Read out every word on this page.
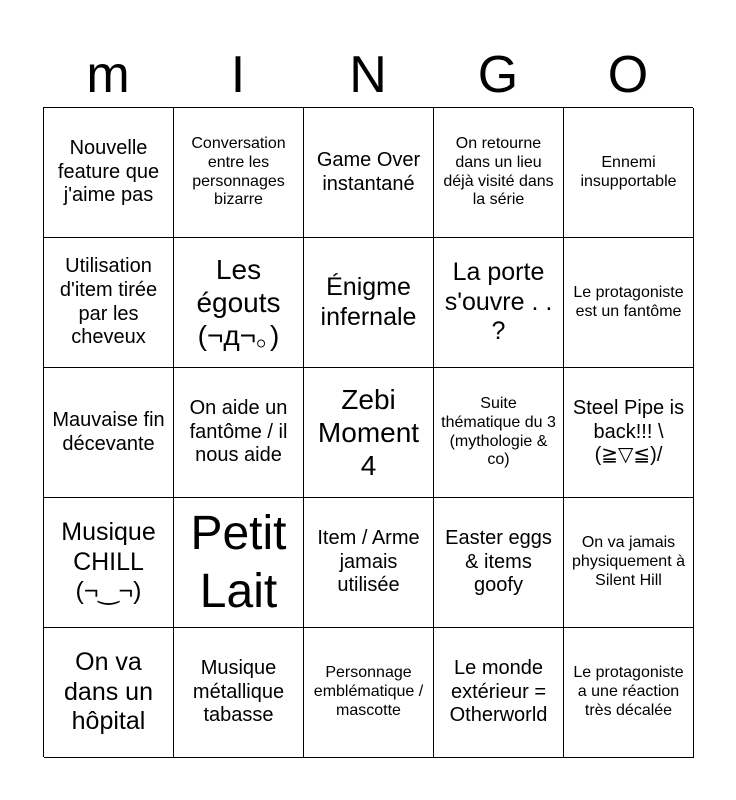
m	I	N	G	O
Nouvelle feature que j'aime pas
Conversation entre les personnages bizarre
Game Over instantané
On retourne dans un lieu déjà visité dans la série
Ennemi insupportable
Utilisation d'item tirée par les cheveux
Les égouts (¬д¬。)
Énigme infernale
La porte s'ouvre . . ?
Le protagoniste est un fantôme
Mauvaise fin décevante
On aide un fantôme / il nous aide
Zebi Moment 4
Suite thématique du 3 (mythologie & co)
Steel Pipe is back!!! \(≧▽≦)/
Musique CHILL (¬‿¬)
Petit Lait
Item / Arme jamais utilisée
Easter eggs & items goofy
On va jamais physiquement à Silent Hill
On va dans un hôpital
Musique métallique tabasse
Personnage emblématique / mascotte
Le monde extérieur = Otherworld
Le protagoniste a une réaction très décalée
